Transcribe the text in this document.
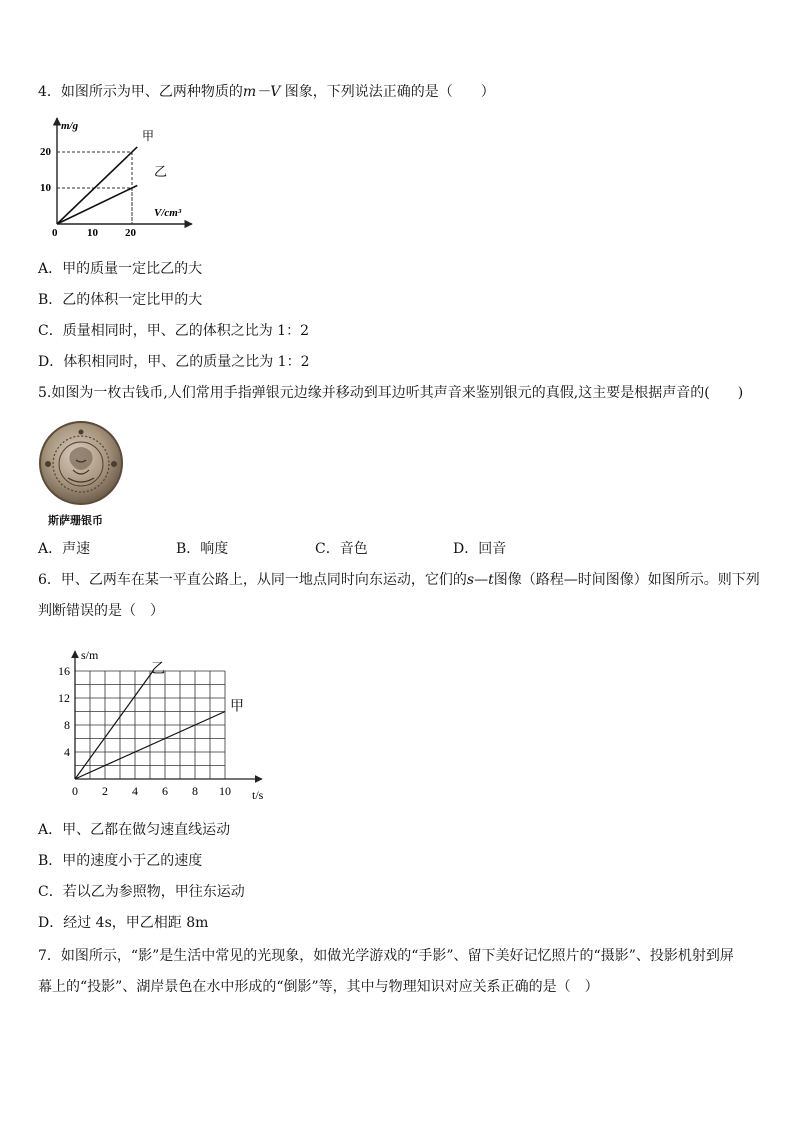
4．如图所示为甲、乙两种物质的m－V 图象，下列说法正确的是（　　）
m/g
V/cm³
0
20
10
10 20
甲
乙
A．甲的质量一定比乙的大
B．乙的体积一定比甲的大
C．质量相同时，甲、乙的体积之比为 1：2
D．体积相同时，甲、乙的质量之比为 1：2
5.如图为一枚古钱币,人们常用手指弹银元边缘并移动到耳边听其声音来鉴别银元的真假,这主要是根据声音的(　　)
斯萨珊银币
A．声速	B．响度	C．音色	D．回音
6．甲、乙两车在某一平直公路上，从同一地点同时向东运动，它们的s—t图像（路程—时间图像）如图所示。则下列
判断错误的是（　）
0 2 4 6 8 10
4
8
12
16
s/m
t/s
乙
甲
A．甲、乙都在做匀速直线运动
B．甲的速度小于乙的速度
C．若以乙为参照物，甲往东运动
D．经过 4s，甲乙相距 8m
7．如图所示，“影”是生活中常见的光现象，如做光学游戏的“手影”、留下美好记忆照片的“摄影”、投影机射到屏
幕上的“投影”、湖岸景色在水中形成的“倒影”等，其中与物理知识对应关系正确的是（　）
